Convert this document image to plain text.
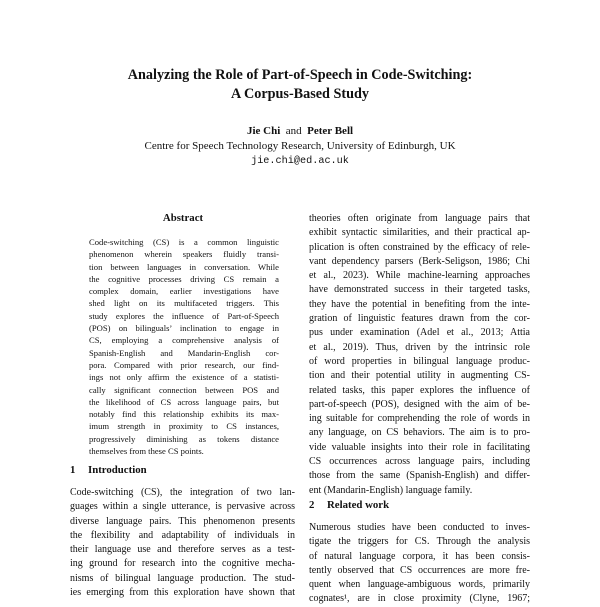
Analyzing the Role of Part-of-Speech in Code-Switching:
A Corpus-Based Study
Jie Chi and Peter Bell
Centre for Speech Technology Research, University of Edinburgh, UK
jie.chi@ed.ac.uk
Abstract
Code-switching (CS) is a common linguistic
phenomenon wherein speakers fluidly transi-
tion between languages in conversation. While
the cognitive processes driving CS remain a
complex domain, earlier investigations have
shed light on its multifaceted triggers. This
study explores the influence of Part-of-Speech
(POS) on bilinguals’ inclination to engage in
CS, employing a comprehensive analysis of
Spanish-English and Mandarin-English cor-
pora. Compared with prior research, our find-
ings not only affirm the existence of a statisti-
cally significant connection between POS and
the likelihood of CS across language pairs, but
notably find this relationship exhibits its max-
imum strength in proximity to CS instances,
progressively diminishing as tokens distance
themselves from these CS points.
1 Introduction
Code-switching (CS), the integration of two lan-
guages within a single utterance, is pervasive across
diverse language pairs. This phenomenon presents
the flexibility and adaptability of individuals in
their language use and therefore serves as a test-
ing ground for research into the cognitive mecha-
nisms of bilingual language production. The stud-
ies emerging from this exploration have shown that
theories often originate from language pairs that
exhibit syntactic similarities, and their practical ap-
plication is often constrained by the efficacy of rele-
vant dependency parsers (Berk-Seligson, 1986; Chi
et al., 2023). While machine-learning approaches
have demonstrated success in their targeted tasks,
they have the potential in benefiting from the inte-
gration of linguistic features drawn from the cor-
pus under examination (Adel et al., 2013; Attia
et al., 2019). Thus, driven by the intrinsic role
of word properties in bilingual language produc-
tion and their potential utility in augmenting CS-
related tasks, this paper explores the influence of
part-of-speech (POS), designed with the aim of be-
ing suitable for comprehending the role of words in
any language, on CS behaviors. The aim is to pro-
vide valuable insights into their role in facilitating
CS occurrences across language pairs, including
those from the same (Spanish-English) and differ-
ent (Mandarin-English) language family.
2 Related work
Numerous studies have been conducted to inves-
tigate the triggers for CS. Through the analysis
of natural language corpora, it has been consis-
tently observed that CS occurrences are more fre-
quent when language-ambiguous words, primarily
cognates¹, are in close proximity (Clyne, 1967;
